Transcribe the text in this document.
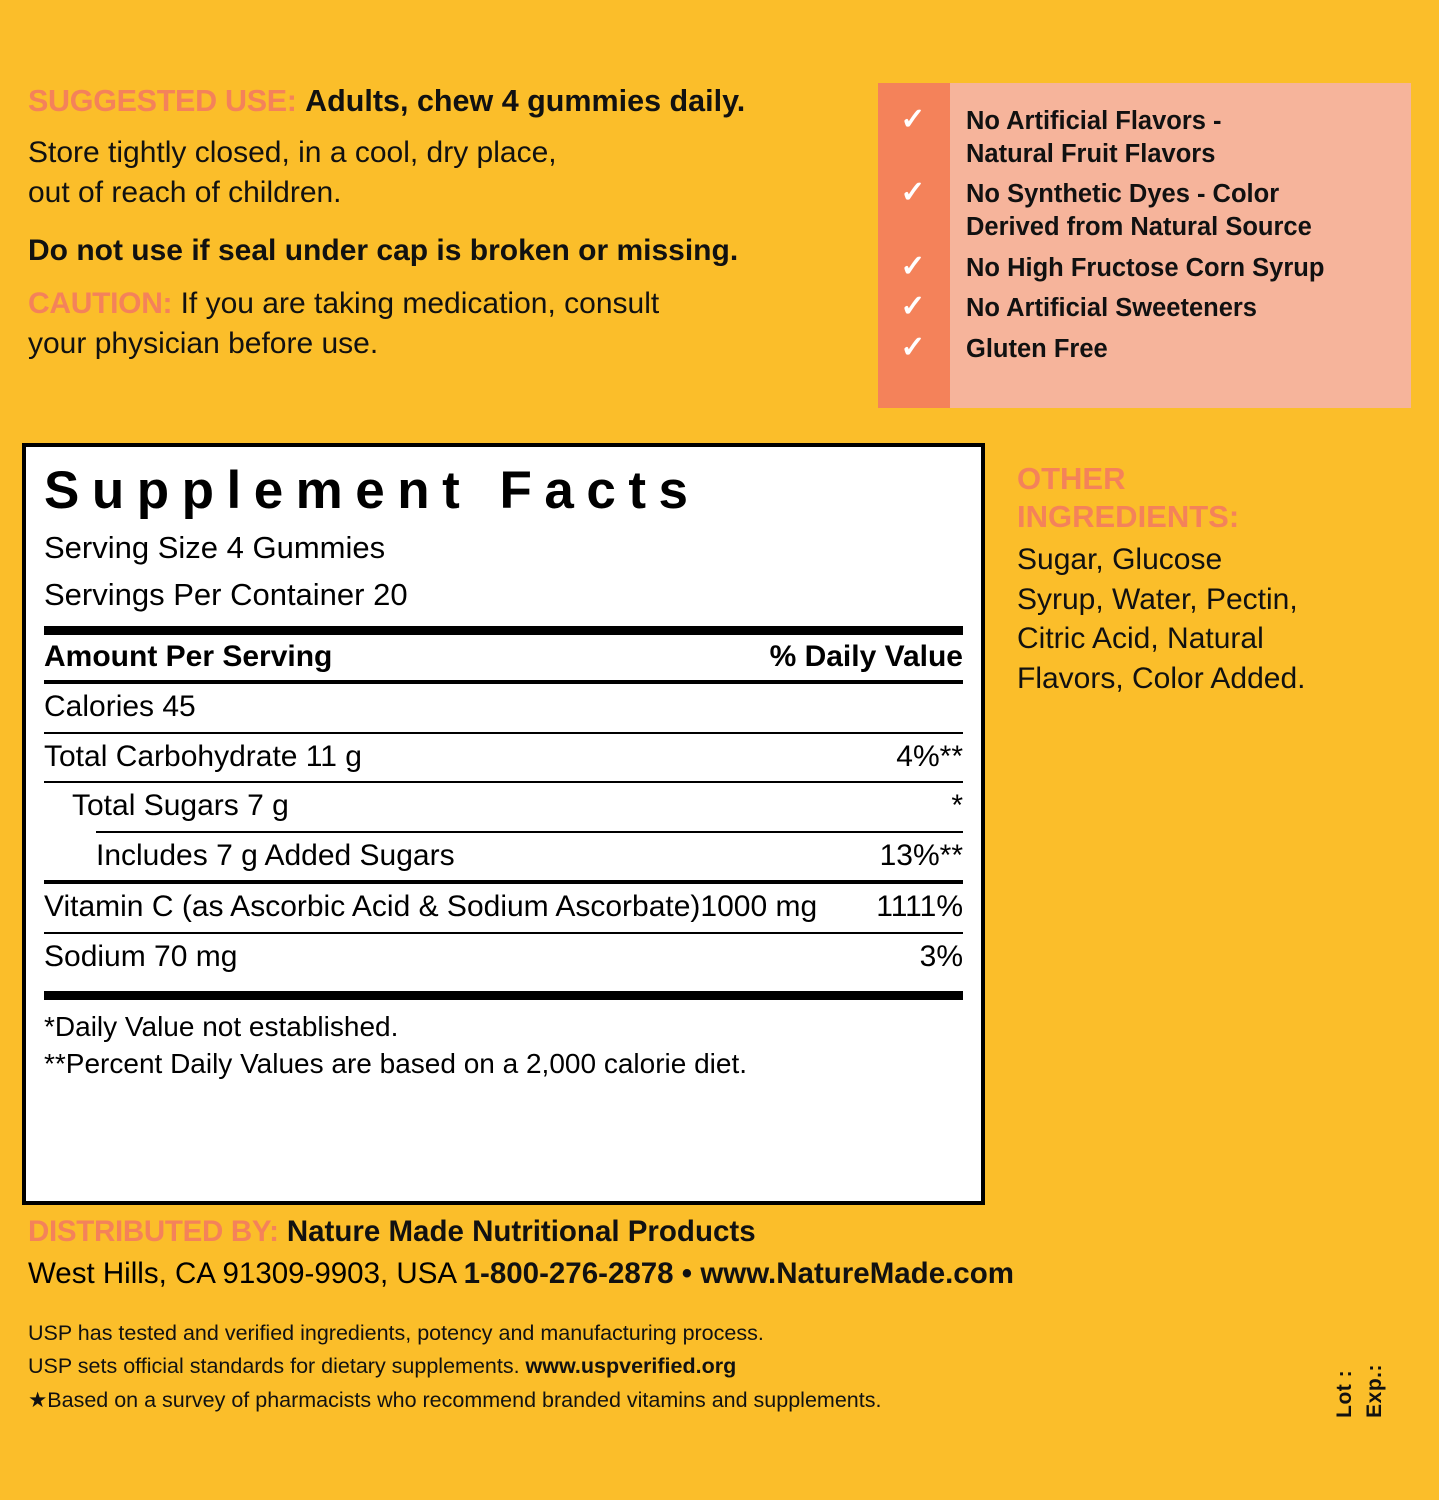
SUGGESTED USE: Adults, chew 4 gummies daily.
Store tightly closed, in a cool, dry place,
out of reach of children.
Do not use if seal under cap is broken or missing.
CAUTION: If you are taking medication, consult
your physician before use.
✓	No Artificial Flavors -
Natural Fruit Flavors
✓	No Synthetic Dyes - Color
Derived from Natural Source
✓	No High Fructose Corn Syrup
✓	No Artificial Sweeteners
✓	Gluten Free
Supplement Facts
Serving Size 4 Gummies
Servings Per Container 20
Amount Per Serving	% Daily Value
Calories 45
Total Carbohydrate 11 g	4%**
Total Sugars 7 g	*
Includes 7 g Added Sugars	13%**
Vitamin C (as Ascorbic Acid & Sodium Ascorbate)1000 mg 1111%
Sodium 70 mg	3%
*Daily Value not established.
**Percent Daily Values are based on a 2,000 calorie diet.
OTHER
INGREDIENTS:
Sugar, Glucose
Syrup, Water, Pectin,
Citric Acid, Natural
Flavors, Color Added.
DISTRIBUTED BY: Nature Made Nutritional Products
West Hills, CA 91309-9903, USA 1-800-276-2878 • www.NatureMade.com
USP has tested and verified ingredients, potency and manufacturing process.
USP sets official standards for dietary supplements. www.uspverified.org
★Based on a survey of pharmacists who recommend branded vitamins and supplements.	Lot : Exp.:
